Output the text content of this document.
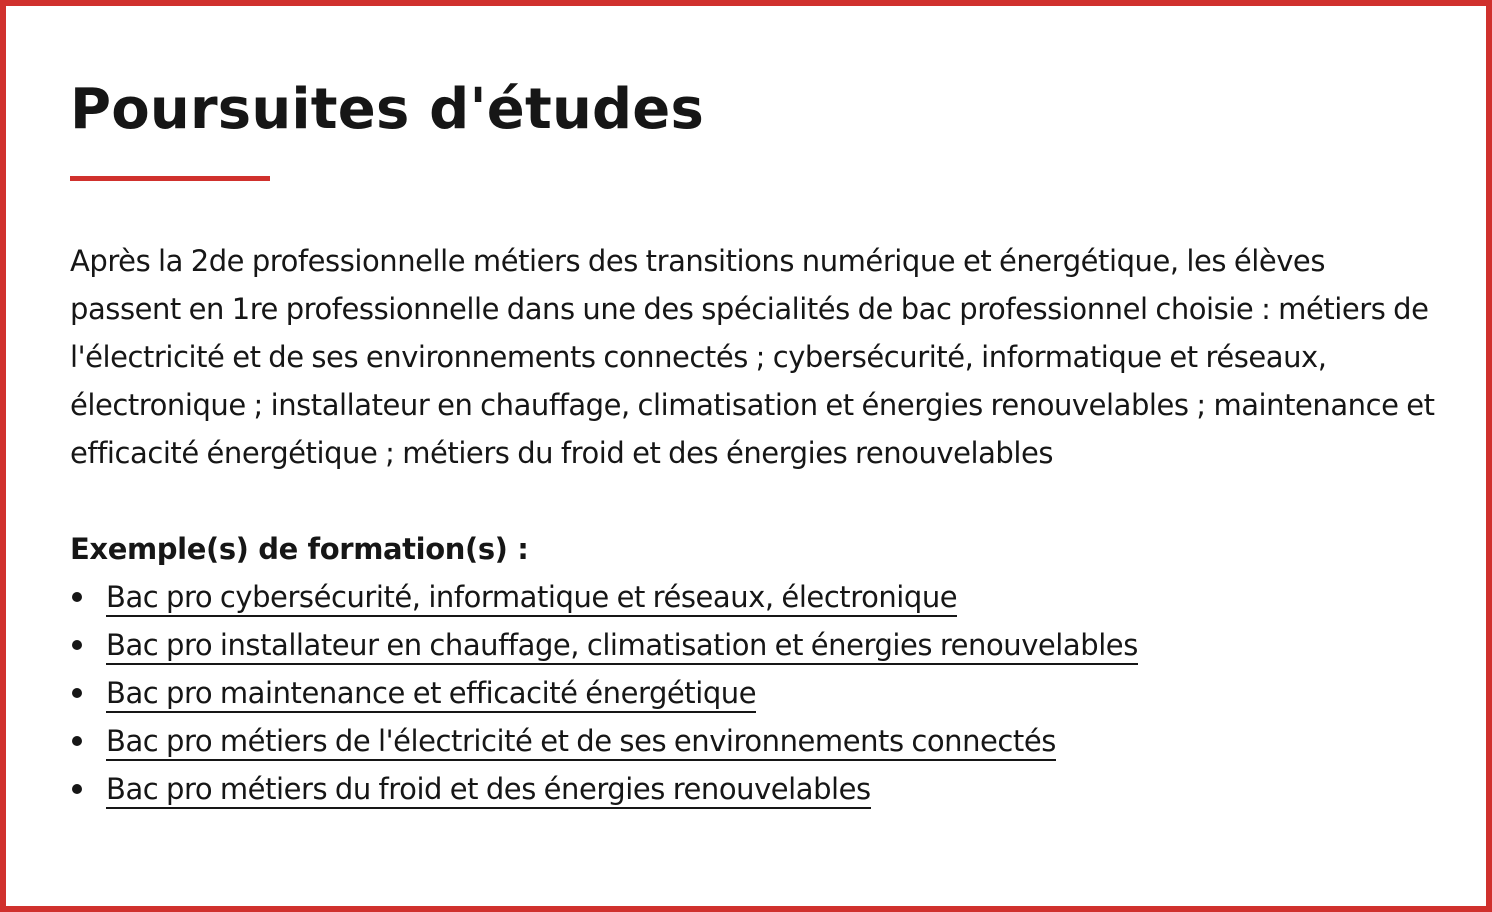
Poursuites d'études

Après la 2de professionnelle métiers des transitions numérique et énergétique, les élèves passent en 1re professionnelle dans une des spécialités de bac professionnel choisie : métiers de l'électricité et de ses environnements connectés ; cybersécurité, informatique et réseaux, électronique ; installateur en chauffage, climatisation et énergies renouvelables ; maintenance et efficacité énergétique ; métiers du froid et des énergies renouvelables

Exemple(s) de formation(s) :

Bac pro cybersécurité, informatique et réseaux, électronique
Bac pro installateur en chauffage, climatisation et énergies renouvelables
Bac pro maintenance et efficacité énergétique
Bac pro métiers de l'électricité et de ses environnements connectés
Bac pro métiers du froid et des énergies renouvelables
